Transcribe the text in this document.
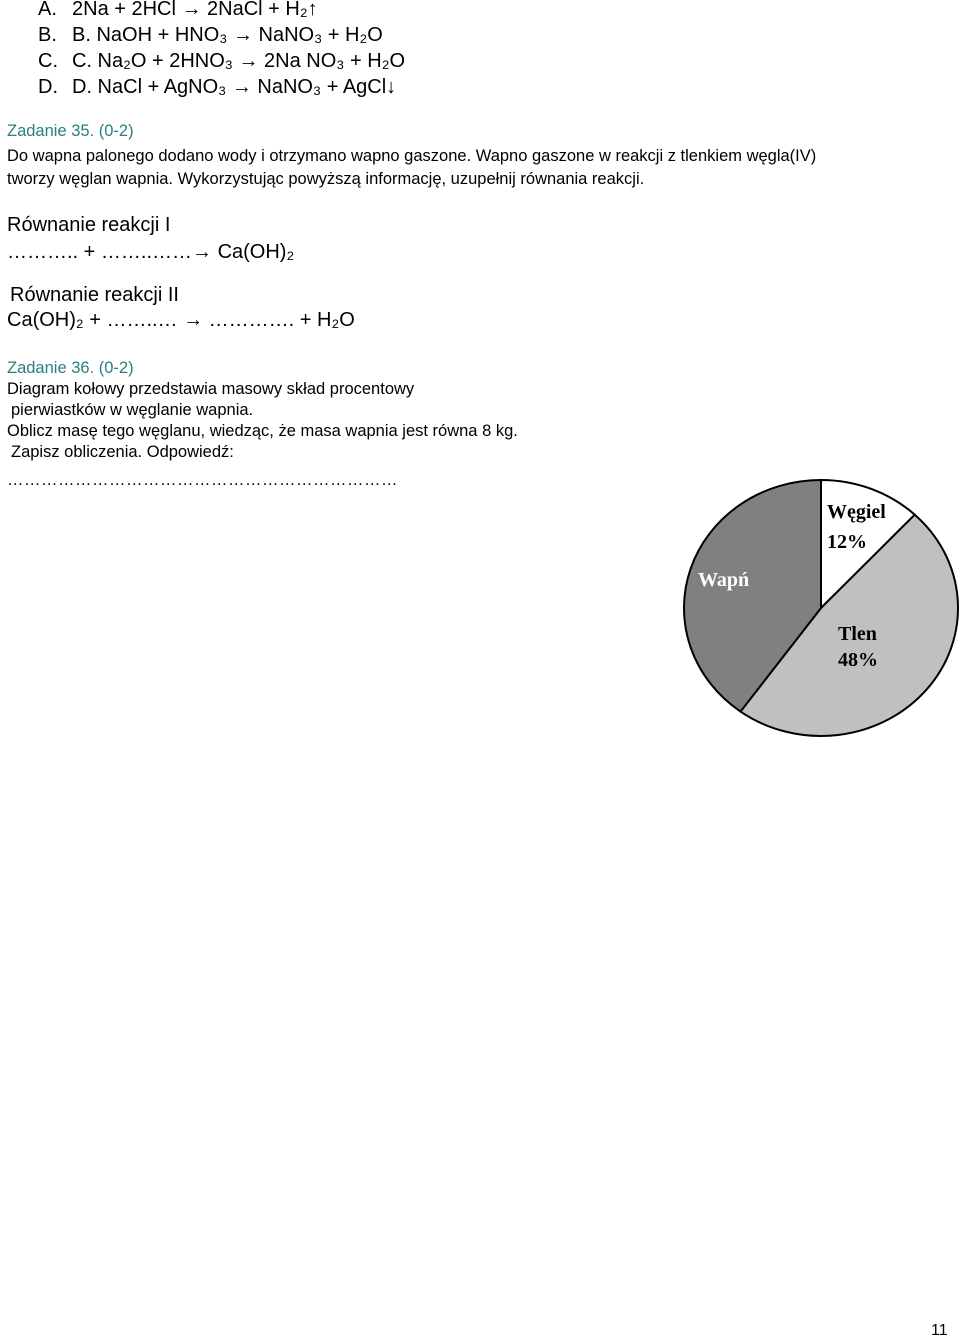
A. 2Na + 2HCl → 2NaCl + H₂↑
B. B. NaOH + HNO₃ → NaNO₃ + H₂O
C. C. Na₂O + 2HNO₃ → 2Na NO₃ + H₂O
D. D. NaCl + AgNO₃ → NaNO₃ + AgCl↓
Zadanie 35. (0-2)
Do wapna palonego dodano wody i otrzymano wapno gaszone. Wapno gaszone w reakcji z tlenkiem węgla(IV)
tworzy węglan wapnia. Wykorzystując powyższą informację, uzupełnij równania reakcji.
Równanie reakcji I
……….. + ……..……→ Ca(OH)₂
Równanie reakcji II
Ca(OH)₂ + ……..… → …………. + H₂O
Zadanie 36. (0-2)
Diagram kołowy przedstawia masowy skład procentowy
pierwiastków w węglanie wapnia.
Oblicz masę tego węglanu, wiedząc, że masa wapnia jest równa 8 kg.
Zapisz obliczenia. Odpowiedź:
……………………………………………………………
Węgiel
12%
Tlen
48%
Wapń
11
